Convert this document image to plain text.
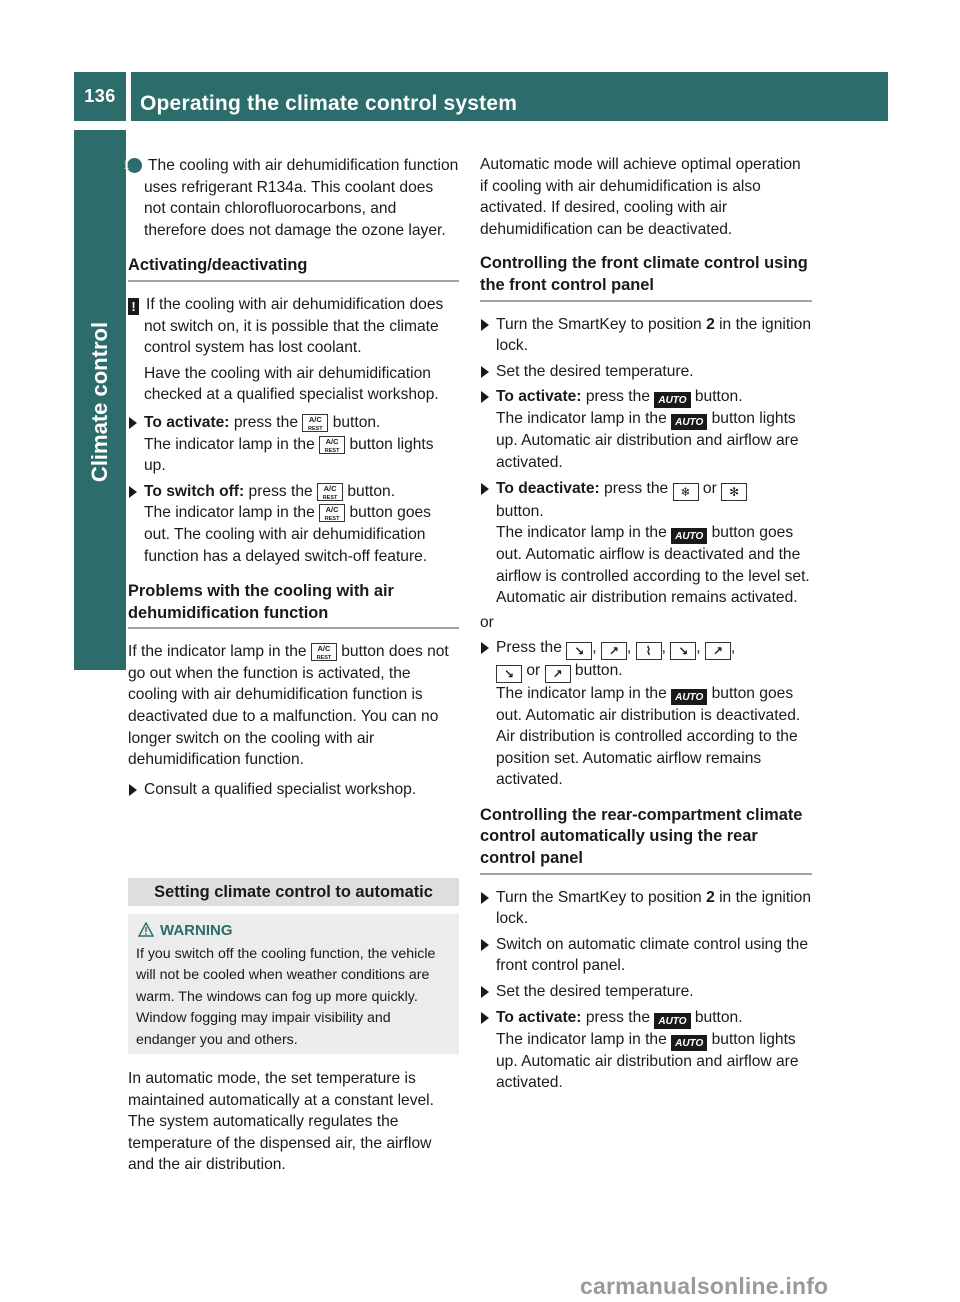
136	Operating the climate control system
Climate control

i The cooling with air dehumidification function uses refrigerant R134a. This coolant does not contain chlorofluorocarbons, and therefore does not damage the ozone layer.

Activating/deactivating

! If the cooling with air dehumidification does not switch on, it is possible that the climate control system has lost coolant.

Have the cooling with air dehumidification checked at a qualified specialist workshop.

To activate: press the A/C
REST button.
The indicator lamp in the A/C
REST button lights up.
To switch off: press the A/C
REST button.
The indicator lamp in the A/C
REST button goes out. The cooling with air dehumidification function has a delayed switch-off feature.
Problems with the cooling with air dehumidification function

If the indicator lamp in the A/C
REST button does not go out when the function is activated, the cooling with air dehumidification function is deactivated due to a malfunction. You can no longer switch on the cooling with air dehumidification function.

Consult a qualified specialist workshop.
Setting climate control to automatic
WARNING

If you switch off the cooling function, the vehicle will not be cooled when weather conditions are warm. The windows can fog up more quickly. Window fogging may impair visibility and endanger you and others.

In automatic mode, the set temperature is maintained automatically at a constant level. The system automatically regulates the temperature of the dispensed air, the airflow and the air distribution.

Automatic mode will achieve optimal operation if cooling with air dehumidification is also activated. If desired, cooling with air dehumidification can be deactivated.

Controlling the front climate control using the front control panel
Turn the SmartKey to position 2 in the ignition lock.
Set the desired temperature.
To activate: press the AUTO button.
The indicator lamp in the AUTO button lights up. Automatic air distribution and airflow are activated.
To deactivate: press the ❄ or ✻
button.
The indicator lamp in the AUTO button goes out. Automatic airflow is deactivated and the airflow is controlled according to the level set. Automatic air distribution remains activated.

or

Press the ↘ , ↗ , ⌇ , ↘ , ↗ ,
↘ or ↗ button.
The indicator lamp in the AUTO button goes out. Automatic air distribution is deactivated. Air distribution is controlled according to the position set. Automatic airflow remains activated.
Controlling the rear-compartment climate control automatically using the rear control panel
Turn the SmartKey to position 2 in the ignition lock.
Switch on automatic climate control using the front control panel.
Set the desired temperature.
To activate: press the AUTO button.
The indicator lamp in the AUTO button lights up. Automatic air distribution and airflow are activated.
carmanualsonline.info
